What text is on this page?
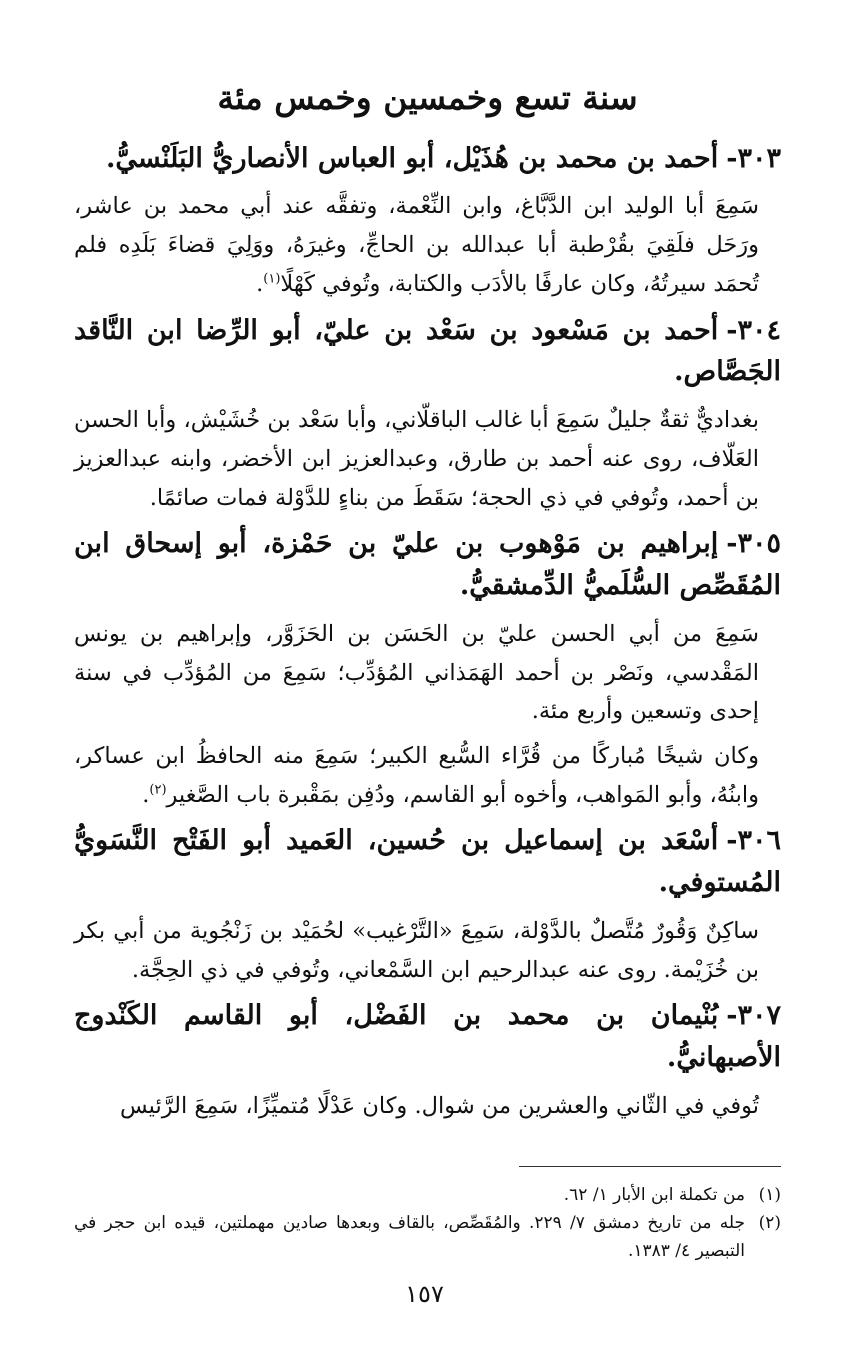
سنة تسع وخمسين وخمس مئة
٣٠٣-أحمد بن محمد بن هُذَيْل، أبو العباس الأنصاريُّ البَلَنْسيُّ.

سَمِعَ أبا الوليد ابن الدَّبَّاغ، وابن النِّعْمة، وتفقَّه عند أبي محمد بن عاشر، ورَحَل فلَقِيَ بقُرْطبة أبا عبدالله بن الحاجِّ، وغيرَهُ، ووَلِيَ قضاءَ بَلَدِه فلم تُحمَد سيرتُهُ، وكان عارفًا بالأدَب والكتابة، وتُوفي كَهْلًا$^{(١)}$.

٣٠٤-أحمد بن مَسْعود بن سَعْد بن عليّ، أبو الرِّضا ابن النَّاقد الجَصَّاص.

بغداديٌّ ثقةٌ جليلٌ سَمِعَ أبا غالب الباقلّاني، وأبا سَعْد بن خُشَيْش، وأبا الحسن العَلّاف، روى عنه أحمد بن طارق، وعبدالعزيز ابن الأخضر، وابنه عبدالعزيز بن أحمد، وتُوفي في ذي الحجة؛ سَقَطَ من بناءٍ للدَّوْلة فمات صائمًا.

٣٠٥-إبراهيم بن مَوْهوب بن عليّ بن حَمْزة، أبو إسحاق ابن المُقَصِّص السُّلَميُّ الدِّمشقيُّ.

سَمِعَ من أبي الحسن عليّ بن الحَسَن بن الحَزَوَّر، وإبراهيم بن يونس المَقْدسي، ونَصْر بن أحمد الهَمَذاني المُؤدِّب؛ سَمِعَ من المُؤدِّب في سنة إحدى وتسعين وأربع مئة.

وكان شيخًا مُباركًا من قُرَّاء السُّبع الكبير؛ سَمِعَ منه الحافظُ ابن عساكر، وابنُهُ، وأبو المَواهب، وأخوه أبو القاسم، ودُفِن بمَقْبرة باب الصَّغير$^{(٢)}$.

٣٠٦-أسْعَد بن إسماعيل بن حُسين، العَميد أبو الفَتْح النَّسَويُّ المُستوفي.

ساكِنٌ وَقُورٌ مُتَّصلٌ بالدَّوْلة، سَمِعَ «التَّرْغيب» لحُمَيْد بن زَنْجُوية من أبي بكر بن خُزَيْمة. روى عنه عبدالرحيم ابن السَّمْعاني، وتُوفي في ذي الحِجَّة.

٣٠٧-بُنْيمان بن محمد بن الفَضْل، أبو القاسم الكَنْدوج الأصبهانيُّ.

تُوفي في الثّاني والعشرين من شوال. وكان عَدْلًا مُتميِّزًا، سَمِعَ الرَّئيس

(١)
من تكملة ابن الأبار ١/ ٦٢.
(٢)
جله من تاريخ دمشق ٧/ ٢٢٩. والمُقَصِّص، بالقاف وبعدها صادين مهملتين، قيده ابن حجر في التبصير ٤/ ١٣٨٣.
١٥٧
